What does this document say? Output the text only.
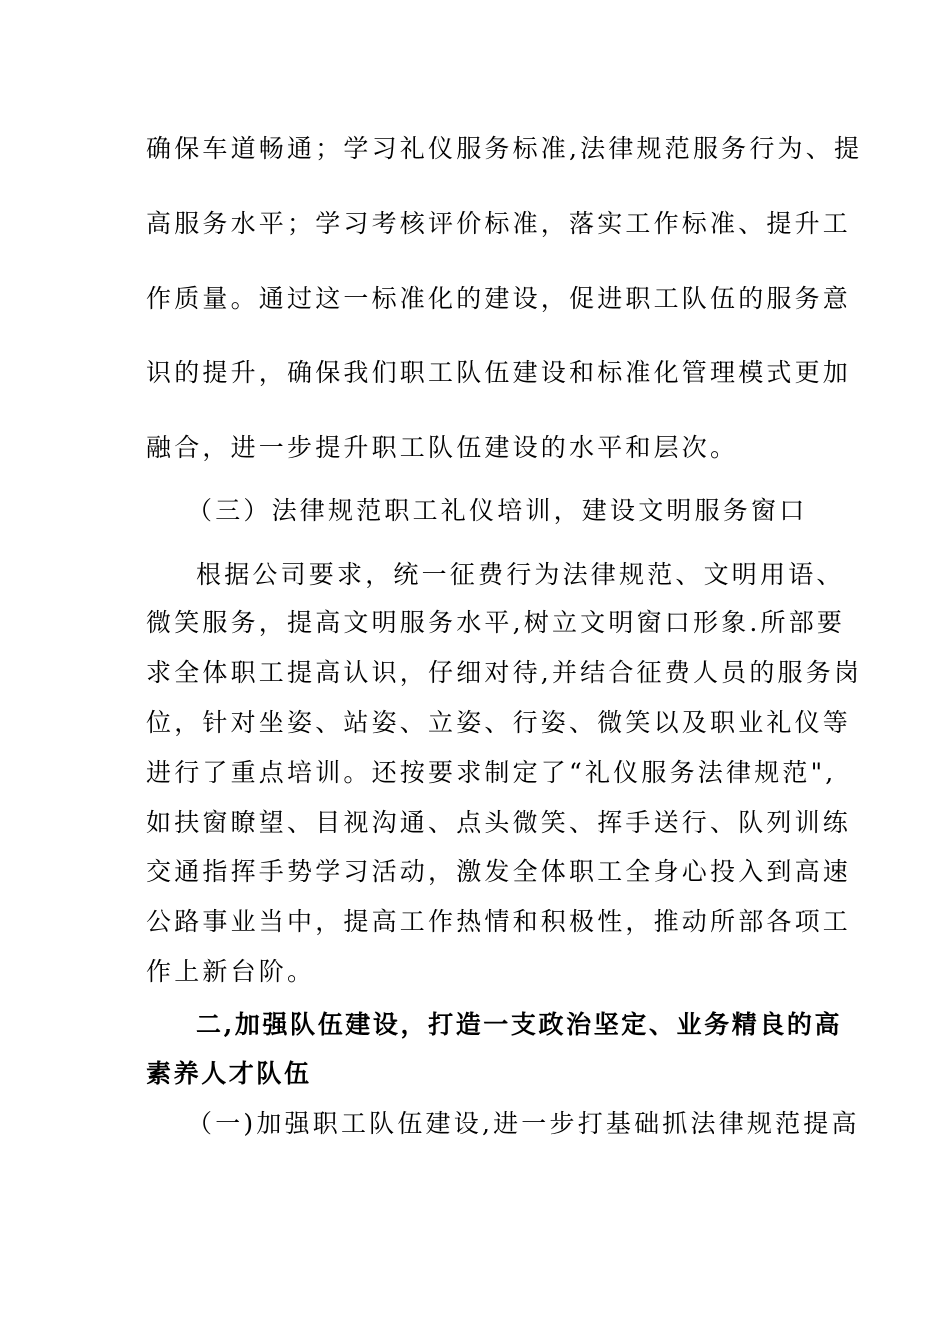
确保车道畅通；学习礼仪服务标准,法律规范服务行为、提
高服务水平；学习考核评价标准，落实工作标准、提升工
作质量。通过这一标准化的建设，促进职工队伍的服务意
识的提升，确保我们职工队伍建设和标准化管理模式更加
融合，进一步提升职工队伍建设的水平和层次。
（三）法律规范职工礼仪培训，建设文明服务窗口
根据公司要求，统一征费行为法律规范、文明用语、
微笑服务，提高文明服务水平,树立文明窗口形象.所部要
求全体职工提高认识，仔细对待,并结合征费人员的服务岗
位，针对坐姿、站姿、立姿、行姿、微笑以及职业礼仪等
进行了重点培训。还按要求制定了“礼仪服务法律规范",
如扶窗瞭望、目视沟通、点头微笑、挥手送行、队列训练
交通指挥手势学习活动，激发全体职工全身心投入到高速
公路事业当中，提高工作热情和积极性，推动所部各项工
作上新台阶。
二,加强队伍建设，打造一支政治坚定、业务精良的高
素养人才队伍
（一)加强职工队伍建设,进一步打基础抓法律规范提高
